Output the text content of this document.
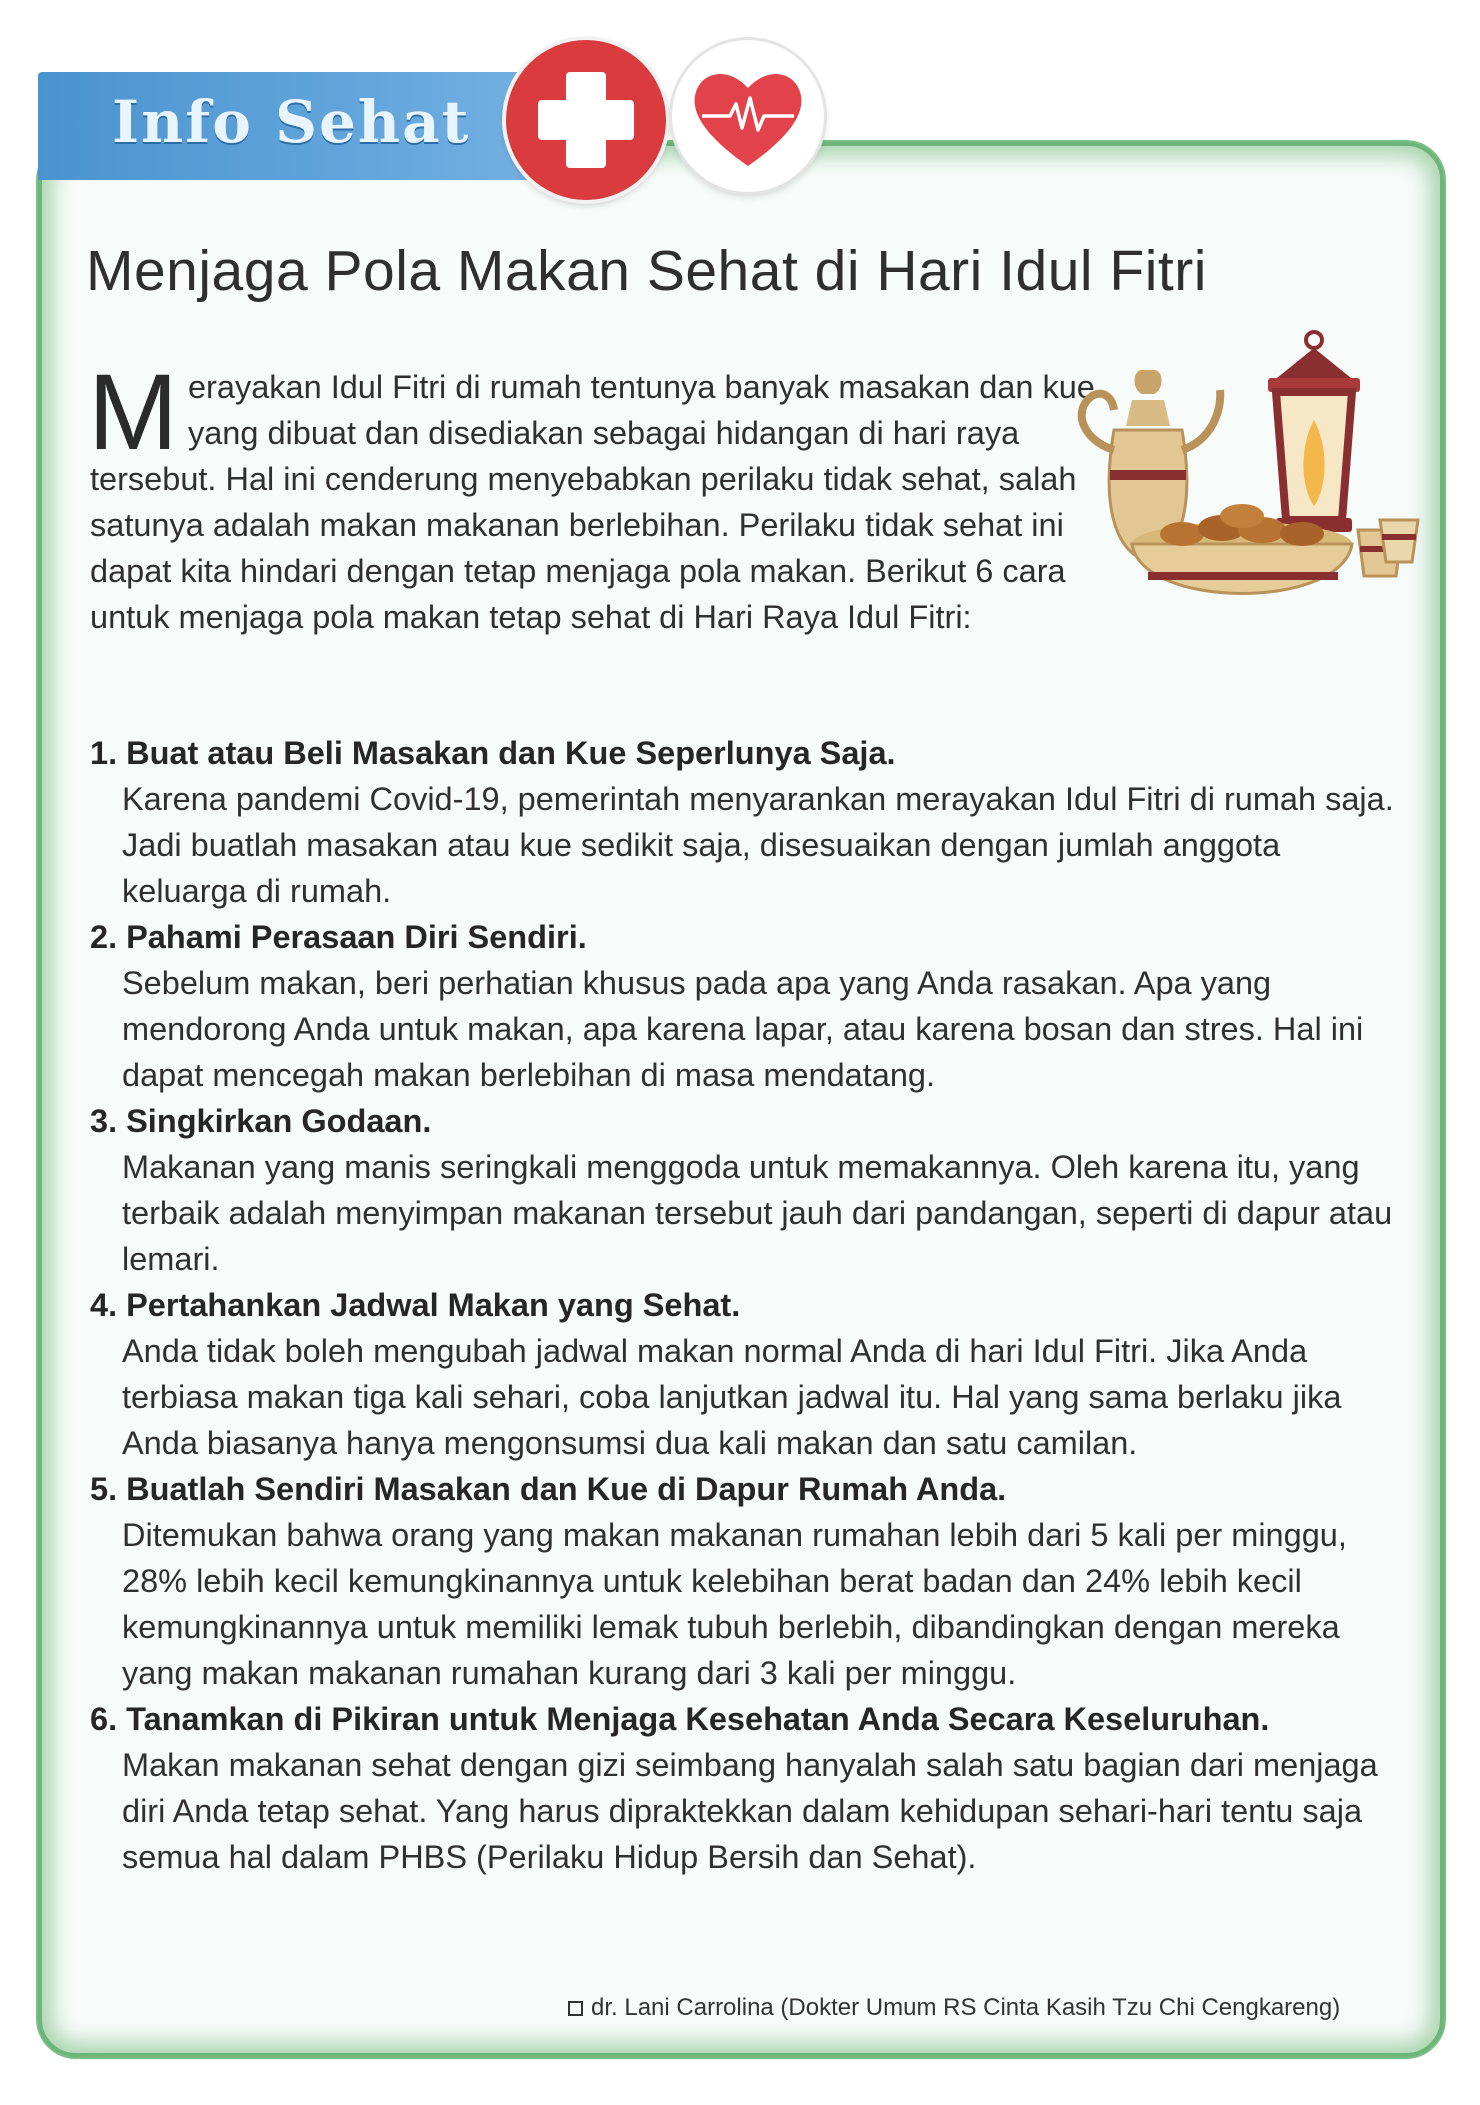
Info Sehat
Menjaga Pola Makan Sehat di Hari Idul Fitri

Merayakan Idul Fitri di rumah tentunya banyak masakan dan kue yang dibuat dan disediakan sebagai hidangan di hari raya tersebut. Hal ini cenderung menyebabkan perilaku tidak sehat, salah satunya adalah makan makanan berlebihan. Perilaku tidak sehat ini dapat kita hindari dengan tetap menjaga pola makan. Berikut 6 cara untuk menjaga pola makan tetap sehat di Hari Raya Idul Fitri:

1. Buat atau Beli Masakan dan Kue Seperlunya Saja.

Karena pandemi Covid-19, pemerintah menyarankan merayakan Idul Fitri di rumah saja. Jadi buatlah masakan atau kue sedikit saja, disesuaikan dengan jumlah anggota keluarga di rumah.

2. Pahami Perasaan Diri Sendiri.

Sebelum makan, beri perhatian khusus pada apa yang Anda rasakan. Apa yang mendorong Anda untuk makan, apa karena lapar, atau karena bosan dan stres. Hal ini dapat mencegah makan berlebihan di masa mendatang.

3. Singkirkan Godaan.

Makanan yang manis seringkali menggoda untuk memakannya. Oleh karena itu, yang terbaik adalah menyimpan makanan tersebut jauh dari pandangan, seperti di dapur atau lemari.

4. Pertahankan Jadwal Makan yang Sehat.

Anda tidak boleh mengubah jadwal makan normal Anda di hari Idul Fitri. Jika Anda terbiasa makan tiga kali sehari, coba lanjutkan jadwal itu. Hal yang sama berlaku jika Anda biasanya hanya mengonsumsi dua kali makan dan satu camilan.

5. Buatlah Sendiri Masakan dan Kue di Dapur Rumah Anda.

Ditemukan bahwa orang yang makan makanan rumahan lebih dari 5 kali per minggu, 28% lebih kecil kemungkinannya untuk kelebihan berat badan dan 24% lebih kecil kemungkinannya untuk memiliki lemak tubuh berlebih, dibandingkan dengan mereka yang makan makanan rumahan kurang dari 3 kali per minggu.

6. Tanamkan di Pikiran untuk Menjaga Kesehatan Anda Secara Keseluruhan.

Makan makanan sehat dengan gizi seimbang hanyalah salah satu bagian dari menjaga diri Anda tetap sehat. Yang harus dipraktekkan dalam kehidupan sehari-hari tentu saja semua hal dalam PHBS (Perilaku Hidup Bersih dan Sehat).

dr. Lani Carrolina (Dokter Umum RS Cinta Kasih Tzu Chi Cengkareng)
